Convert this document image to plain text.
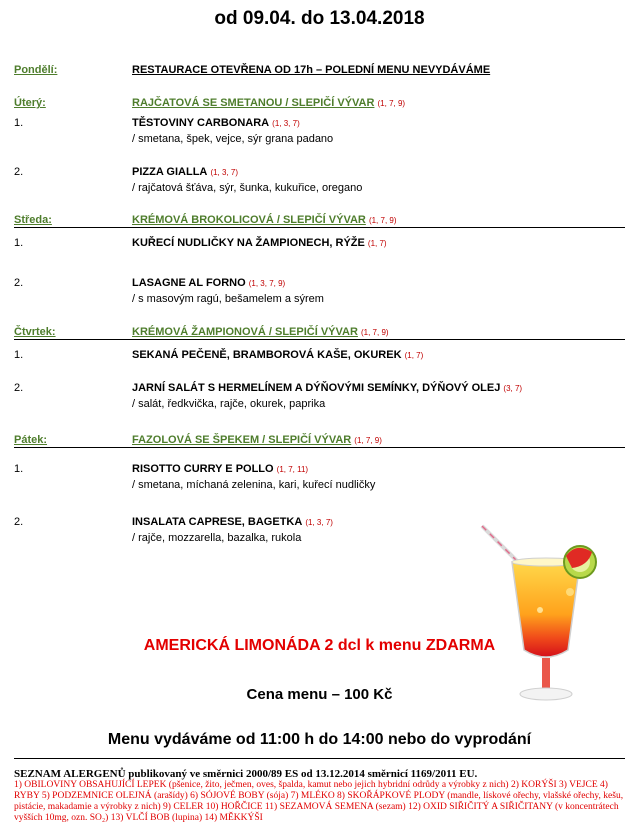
od 09.04. do 13.04.2018
Pondělí:	RESTAURACE OTEVŘENA OD 17h – POLEDNÍ MENU NEVYDÁVÁME
Úterý:	RAJČATOVÁ SE SMETANOU / SLEPIČÍ VÝVAR (1, 7, 9)
1.	TĚSTOVINY CARBONARA (1, 3, 7)
/ smetana, špek, vejce, sýr grana padano
2.	PIZZA GIALLA (1, 3, 7)
/ rajčatová šťáva, sýr, šunka, kukuřice, oregano
Středa:	KRÉMOVÁ BROKOLICOVÁ / SLEPIČÍ VÝVAR (1, 7, 9)
1.	KUŘECÍ NUDLIČKY NA ŽAMPIONECH, RÝŽE (1, 7)
2.	LASAGNE AL FORNO (1, 3, 7, 9)
/ s masovým ragú, bešamelem a sýrem
Čtvrtek:	KRÉMOVÁ ŽAMPIONOVÁ / SLEPIČÍ VÝVAR (1, 7, 9)
1.	SEKANÁ PEČENĚ, BRAMBOROVÁ KAŠE, OKUREK (1, 7)
2.	JARNÍ SALÁT S HERMELÍNEM A DÝŇOVÝMI SEMÍNKY, DÝŇOVÝ OLEJ (3, 7)
/ salát, ředkvička, rajče, okurek, paprika
Pátek:	FAZOLOVÁ SE ŠPEKEM / SLEPIČÍ VÝVAR (1, 7, 9)
1.	RISOTTO CURRY E POLLO (1, 7, 11)
/ smetana, míchaná zelenina, kari, kuřecí nudličky
2.	INSALATA CAPRESE, BAGETKA (1, 3, 7)
/ rajče, mozzarella, bazalka, rukola
AMERICKÁ LIMONÁDA 2 dcl k menu ZDARMA
Cena menu – 100 Kč
Menu vydáváme od 11:00 h do 14:00 nebo do vyprodání
SEZNAM ALERGENŮ publikovaný ve směrnici 2000/89 ES od 13.12.2014 směrnicí 1169/2011 EU.
1) OBILOVINY OBSAHUJÍCÍ LEPEK (pšenice, žito, ječmen, oves, špalda, kamut nebo jejich hybridní odrůdy a výrobky z nich) 2) KORÝŠI 3) VEJCE 4) RYBY 5) PODZEMNICE OLEJNÁ (arašídy) 6) SÓJOVÉ BOBY (sója) 7) MLÉKO 8) SKOŘÁPKOVÉ PLODY (mandle, lískové ořechy, vlašské ořechy, kešu, pistácie, makadamie a výrobky z nich) 9) CELER 10) HOŘČICE 11) SEZAMOVÁ SEMENA (sezam) 12) OXID SIŘIČITÝ A SIŘIČITANY (v koncentrátech vyšších 10mg, ozn. SO₂) 13) VLČÍ BOB (lupina) 14) MĚKKÝŠI
